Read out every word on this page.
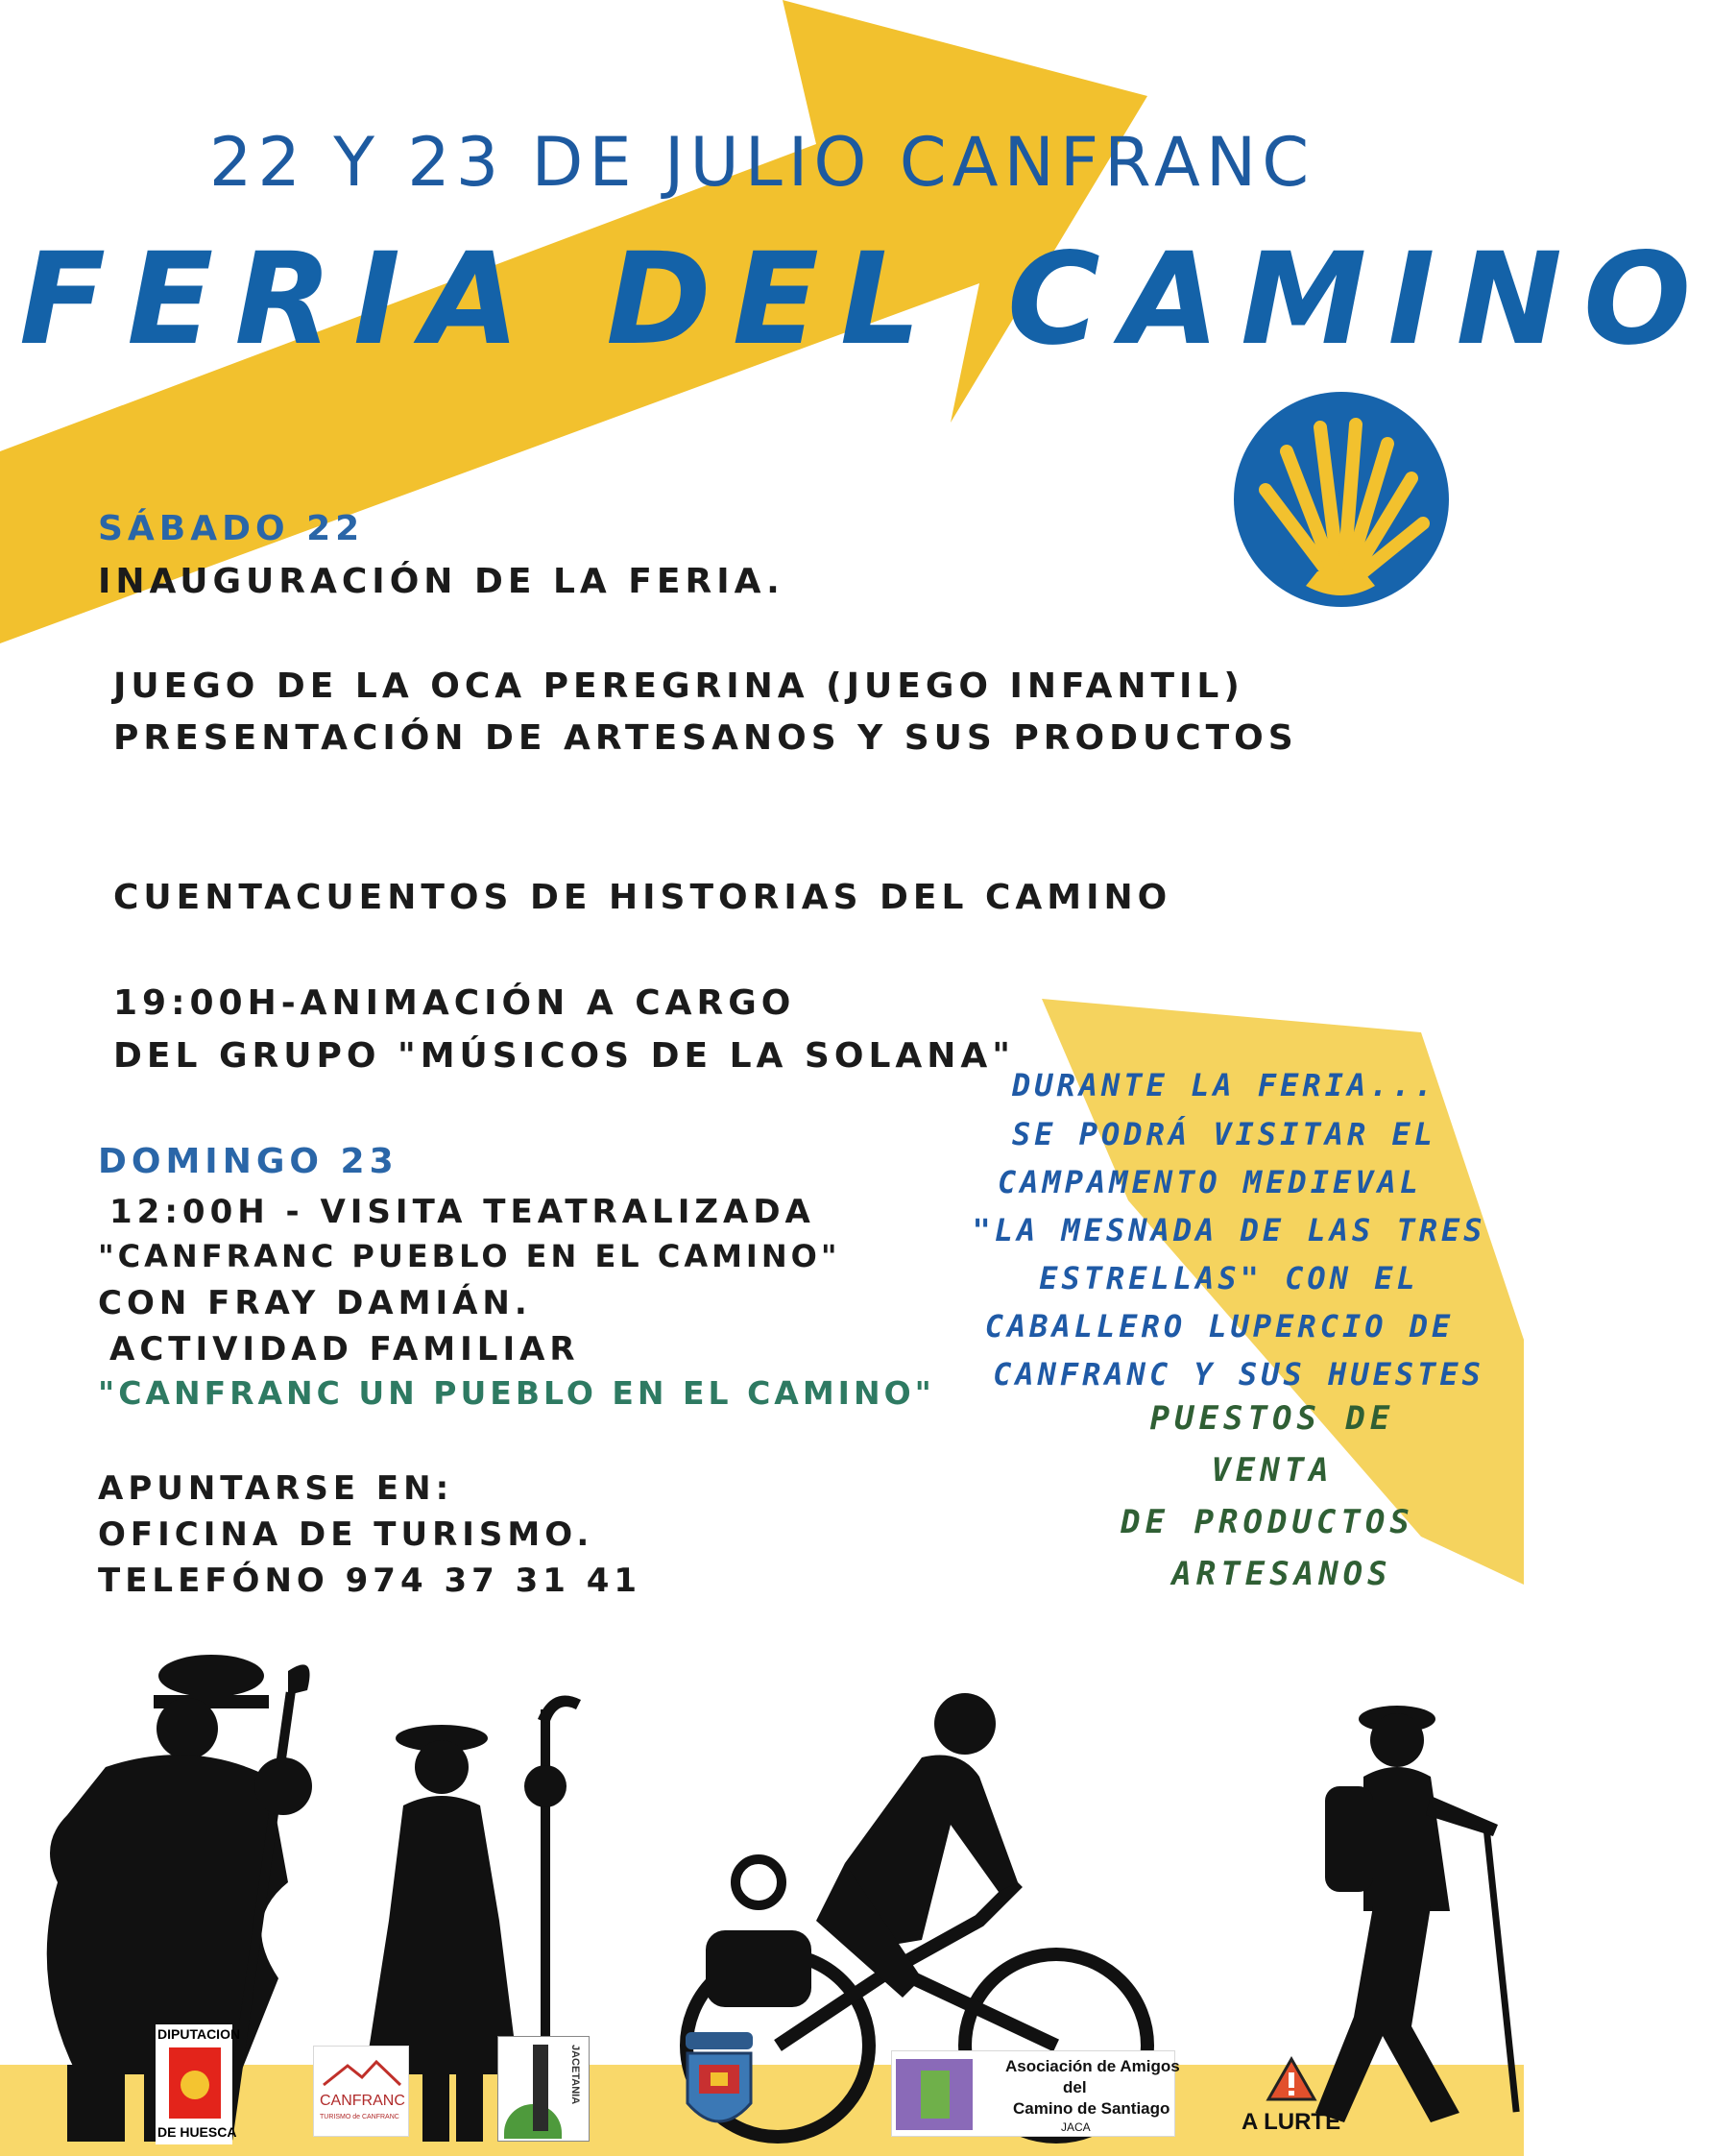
22 Y 23 DE JULIO CANFRANC
FERIA DEL CAMINO
SÁBADO 22
INAUGURACIÓN DE LA FERIA.
JUEGO DE LA OCA PEREGRINA (JUEGO INFANTIL)
PRESENTACIÓN DE ARTESANOS Y SUS PRODUCTOS
CUENTACUENTOS DE HISTORIAS DEL CAMINO
19:00H-ANIMACIÓN A CARGO
DEL GRUPO "MÚSICOS DE LA SOLANA"
DOMINGO 23
12:00H - VISITA TEATRALIZADA
"CANFRANC PUEBLO EN EL CAMINO"
CON FRAY DAMIÁN.
ACTIVIDAD FAMILIAR
"CANFRANC UN PUEBLO EN EL CAMINO"
APUNTARSE EN:
OFICINA DE TURISMO.
TELEFÓNO 974 37 31 41
DURANTE LA FERIA...
SE PODRÁ VISITAR EL
CAMPAMENTO MEDIEVAL
"LA MESNADA DE LAS TRES
ESTRELLAS" CON EL
CABALLERO LUPERCIO DE
CANFRANC Y SUS HUESTES
PUESTOS DE
VENTA
DE PRODUCTOS
ARTESANOS
DIPUTACION
DE HUESCA
CANFRANC
TURISMO de CANFRANC
JACETANIA	Asociación de Amigos
del
Camino de Santiago
JACA	A LURTE
